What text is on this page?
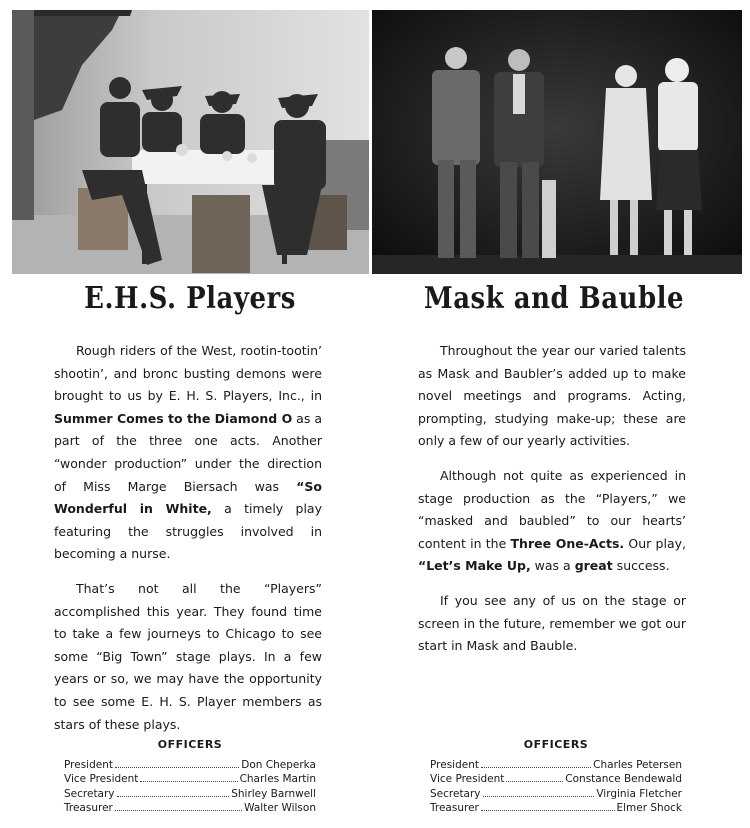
E.H.S. Players

Rough riders of the West, rootin-tootin’ shootin’, and bronc busting demons were brought to us by E. H. S. Players, Inc., in Summer Comes to the Diamond O as a part of the three one acts. Another “wonder production” under the direction of Miss Marge Biersach was “So Wonderful in White, a timely play featuring the struggles involved in becoming a nurse.

That’s not all the “Players” accomplished this year. They found time to take a few journeys to Chicago to see some “Big Town” stage plays. In a few years or so, we may have the opportunity to see some E. H. S. Player members as stars of these plays.

Mask and Bauble

Throughout the year our varied talents as Mask and Baubler’s added up to make novel meetings and programs. Acting, prompting, studying make-up; these are only a few of our yearly activities.

Although not quite as experienced in stage production as the “Players,” we “masked and baubled” to our hearts’ content in the Three One-Acts. Our play, “Let’s Make Up, was a great success.

If you see any of us on the stage or screen in the future, remember we got our start in Mask and Bauble.

OFFICERS
President	Don Cheperka
Vice President	Charles Martin
Secretary	Shirley Barnwell
Treasurer	Walter Wilson
OFFICERS
President	Charles Petersen
Vice President	Constance Bendewald
Secretary	Virginia Fletcher
Treasurer	Elmer Shock
